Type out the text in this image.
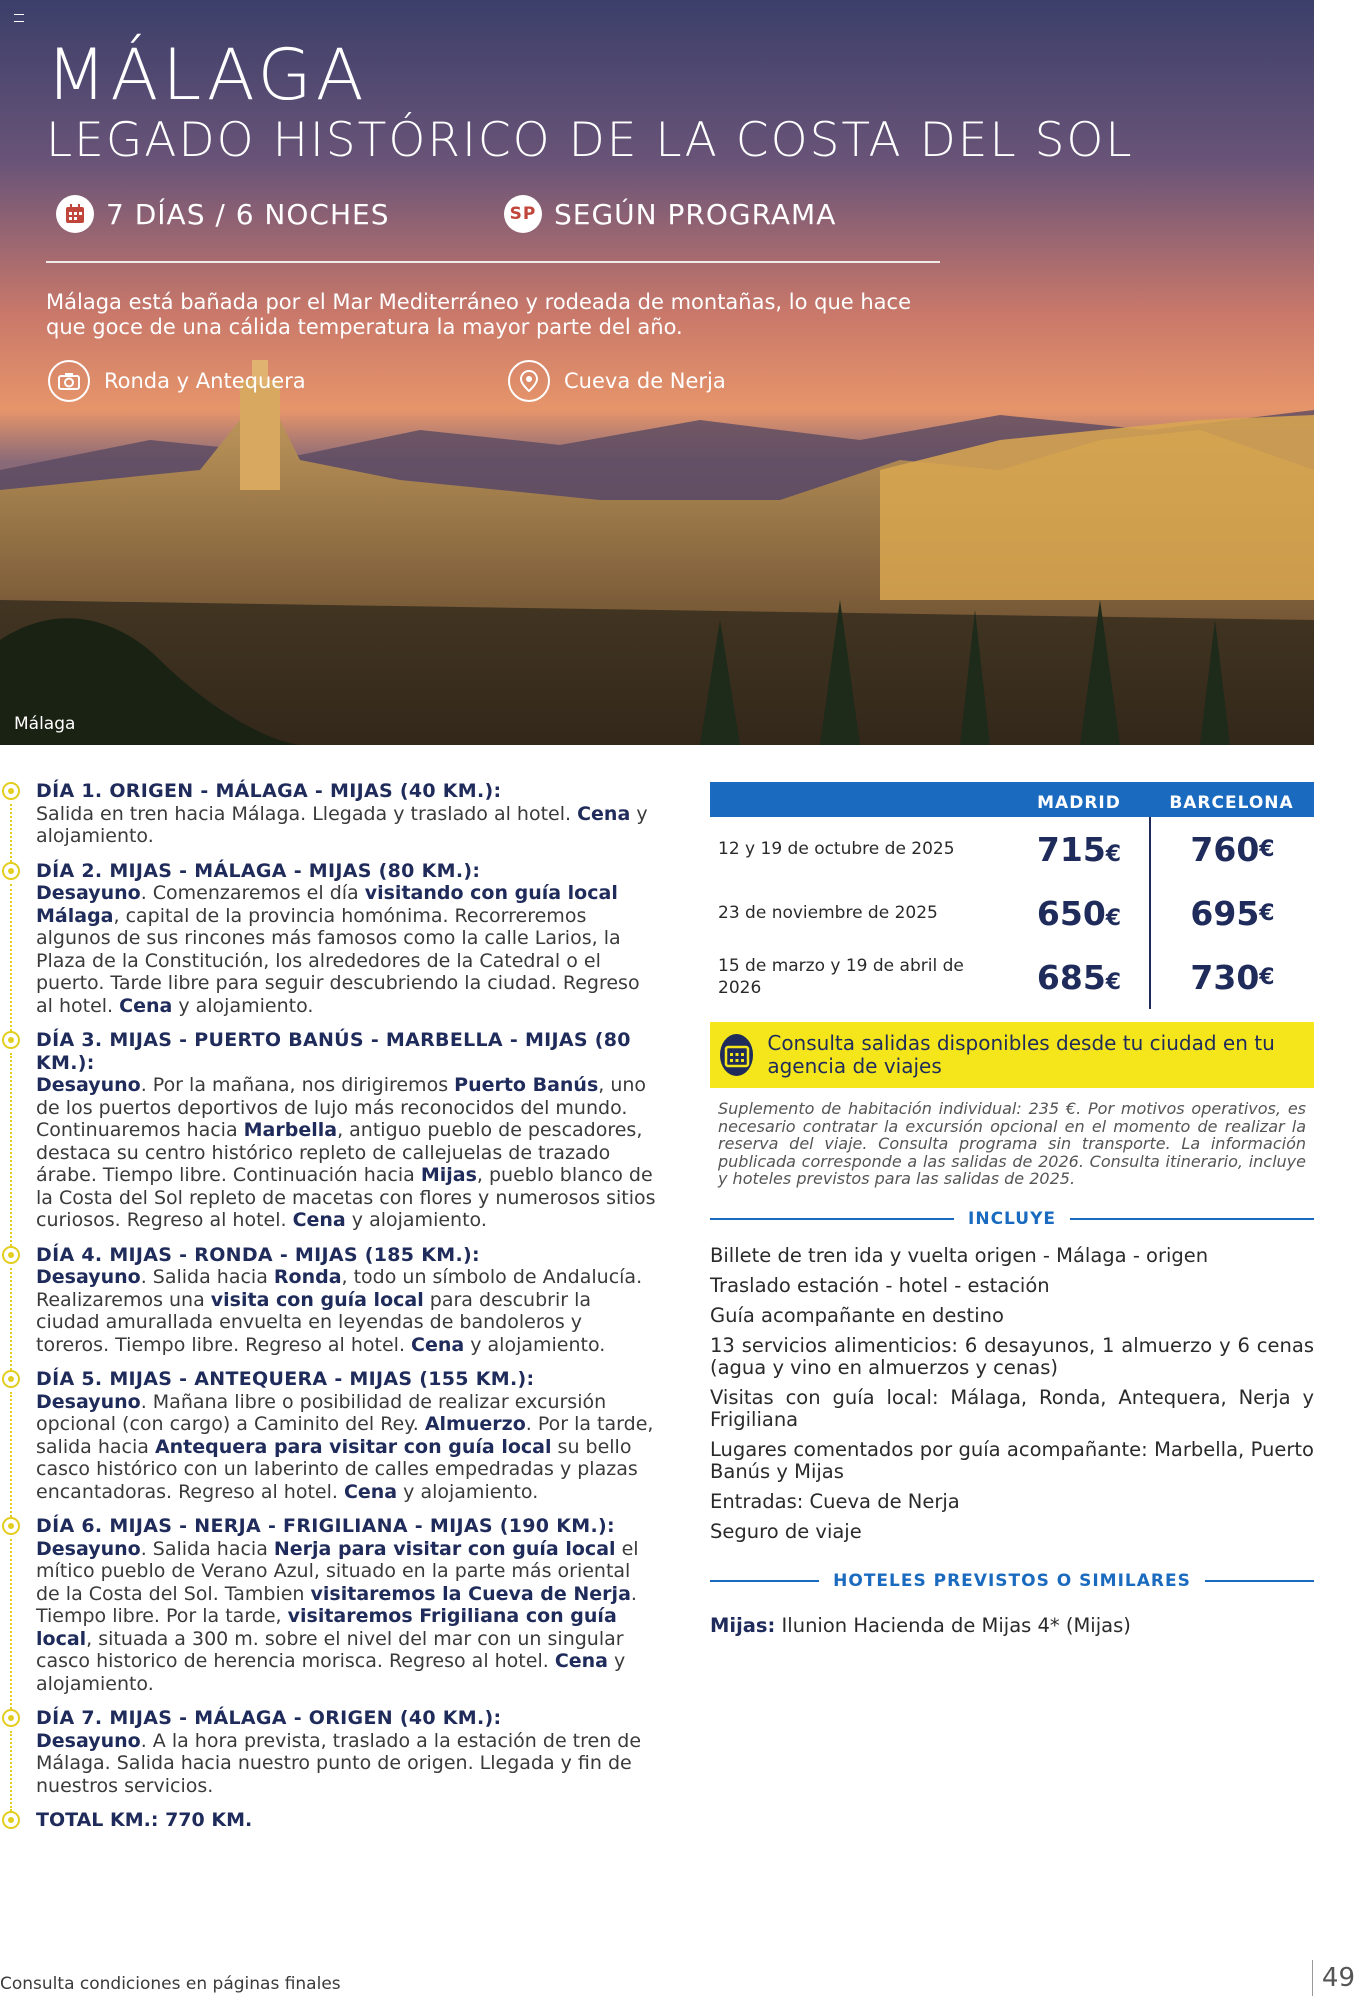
MÁLAGA
LEGADO HISTÓRICO DE LA COSTA DEL SOL
7 DÍAS / 6 NOCHES	SP SEGÚN PROGRAMA
Málaga está bañada por el Mar Mediterráneo y rodeada de montañas, lo que hace que goce de una cálida temperatura la mayor parte del año.
Ronda y Antequera	Cueva de Nerja
Málaga
DÍA 1. ORIGEN - MÁLAGA - MIJAS (40 KM.):

Salida en tren hacia Málaga. Llegada y traslado al hotel. Cena y alojamiento.

DÍA 2. MIJAS - MÁLAGA - MIJAS (80 KM.):

Desayuno. Comenzaremos el día visitando con guía local Málaga, capital de la provincia homónima. Recorreremos algunos de sus rincones más famosos como la calle Larios, la Plaza de la Constitución, los alrededores de la Catedral o el puerto. Tarde libre para seguir descubriendo la ciudad. Regreso al hotel. Cena y alojamiento.

DÍA 3. MIJAS - PUERTO BANÚS - MARBELLA - MIJAS (80 KM.):

Desayuno. Por la mañana, nos dirigiremos Puerto Banús, uno de los puertos deportivos de lujo más reconocidos del mundo. Continuaremos hacia Marbella, antiguo pueblo de pescadores, destaca su centro histórico repleto de callejuelas de trazado árabe. Tiempo libre. Continuación hacia Mijas, pueblo blanco de la Costa del Sol repleto de macetas con flores y numerosos sitios curiosos. Regreso al hotel. Cena y alojamiento.

DÍA 4. MIJAS - RONDA - MIJAS (185 KM.):

Desayuno. Salida hacia Ronda, todo un símbolo de Andalucía. Realizaremos una visita con guía local para descubrir la ciudad amurallada envuelta en leyendas de bandoleros y toreros. Tiempo libre. Regreso al hotel. Cena y alojamiento.

DÍA 5. MIJAS - ANTEQUERA - MIJAS (155 KM.):

Desayuno. Mañana libre o posibilidad de realizar excursión opcional (con cargo) a Caminito del Rey. Almuerzo. Por la tarde, salida hacia Antequera para visitar con guía local su bello casco histórico con un laberinto de calles empedradas y plazas encantadoras. Regreso al hotel. Cena y alojamiento.

DÍA 6. MIJAS - NERJA - FRIGILIANA - MIJAS (190 KM.):

Desayuno. Salida hacia Nerja para visitar con guía local el mítico pueblo de Verano Azul, situado en la parte más oriental de la Costa del Sol. Tambien visitaremos la Cueva de Nerja. Tiempo libre. Por la tarde, visitaremos Frigiliana con guía local, situada a 300 m. sobre el nivel del mar con un singular casco historico de herencia morisca. Regreso al hotel. Cena y alojamiento.

DÍA 7. MIJAS - MÁLAGA - ORIGEN (40 KM.):

Desayuno. A la hora prevista, traslado a la estación de tren de Málaga. Salida hacia nuestro punto de origen. Llegada y fin de nuestros servicios.

TOTAL KM.: 770 KM.
MADRID	BARCELONA
12 y 19 de octubre de 2025	715€	760 €
23 de noviembre de 2025	650€	695 €
15 de marzo y 19 de abril de 2026	685€	730 €
Consulta salidas disponibles desde tu ciudad en tu agencia de viajes
Suplemento de habitación individual: 235 €. Por motivos operativos, es necesario contratar la excursión opcional en el momento de realizar la reserva del viaje. Consulta programa sin transporte. La información publicada corresponde a las salidas de 2026. Consulta itinerario, incluye y hoteles previstos para las salidas de 2025.
INCLUYE
Billete de tren ida y vuelta origen - Málaga - origen
Traslado estación - hotel - estación
Guía acompañante en destino
13 servicios alimenticios: 6 desayunos, 1 almuerzo y 6 cenas (agua y vino en almuerzos y cenas)
Visitas con guía local: Málaga, Ronda, Antequera, Nerja y Frigiliana
Lugares comentados por guía acompañante: Marbella, Puerto Banús y Mijas
Entradas: Cueva de Nerja
Seguro de viaje
HOTELES PREVISTOS O SIMILARES
Mijas: Ilunion Hacienda de Mijas 4* (Mijas)
Consulta condiciones en páginas finales	49
